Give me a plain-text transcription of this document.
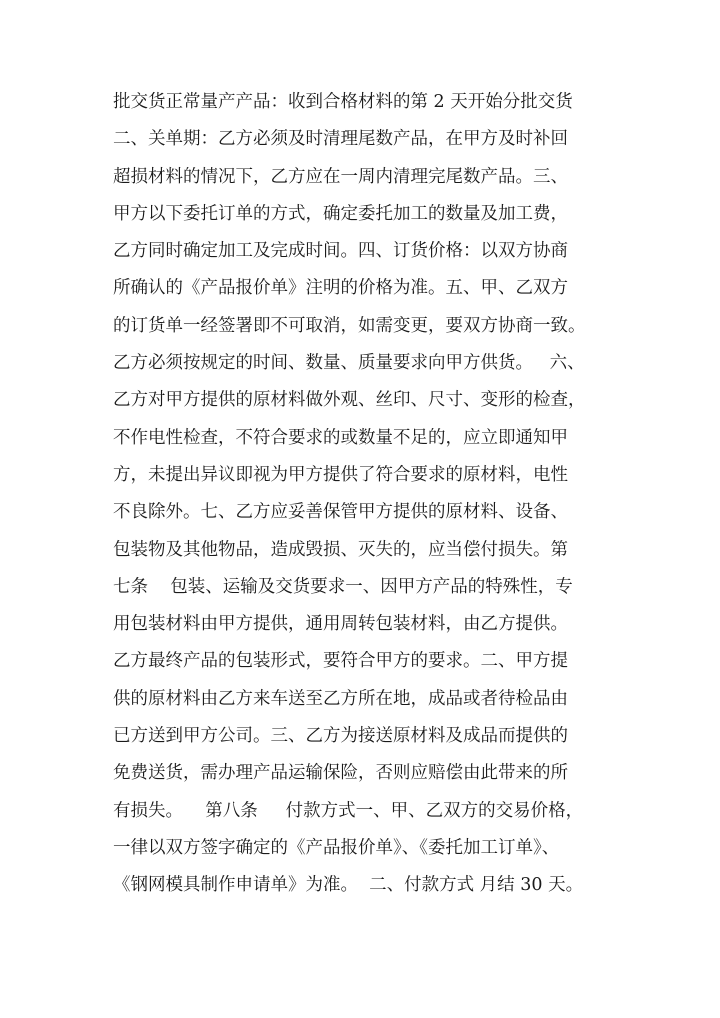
批交货正常量产产品：收到合格材料的第 2 天开始分批交货
二、关单期：乙方必须及时清理尾数产品，在甲方及时补回
超损材料的情况下，乙方应在一周内清理完尾数产品。三、
甲方以下委托订单的方式，确定委托加工的数量及加工费，
乙方同时确定加工及完成时间。四、订货价格：以双方协商
所确认的《产品报价单》注明的价格为准。五、甲、乙双方
的订货单一经签署即不可取消，如需变更，要双方协商一致。
乙方必须按规定的时间、数量、质量要求向甲方供货。   六、
乙方对甲方提供的原材料做外观、丝印、尺寸、变形的检查，
不作电性检查，不符合要求的或数量不足的，应立即通知甲
方，未提出异议即视为甲方提供了符合要求的原材料，电性
不良除外。七、乙方应妥善保管甲方提供的原材料、设备、
包装物及其他物品，造成毁损、灭失的，应当偿付损失。第
七条    包装、运输及交货要求一、因甲方产品的特殊性，专
用包装材料由甲方提供，通用周转包装材料，由乙方提供。
乙方最终产品的包装形式，要符合甲方的要求。二、甲方提
供的原材料由乙方来车送至乙方所在地，成品或者待检品由
已方送到甲方公司。三、乙方为接送原材料及成品而提供的
免费送货，需办理产品运输保险，否则应赔偿由此带来的所
有损失。    第八条     付款方式一、甲、乙双方的交易价格，
一律以双方签字确定的《产品报价单》、《委托加工订单》、
《钢网模具制作申请单》为准。  二、付款方式 月结 30 天。
